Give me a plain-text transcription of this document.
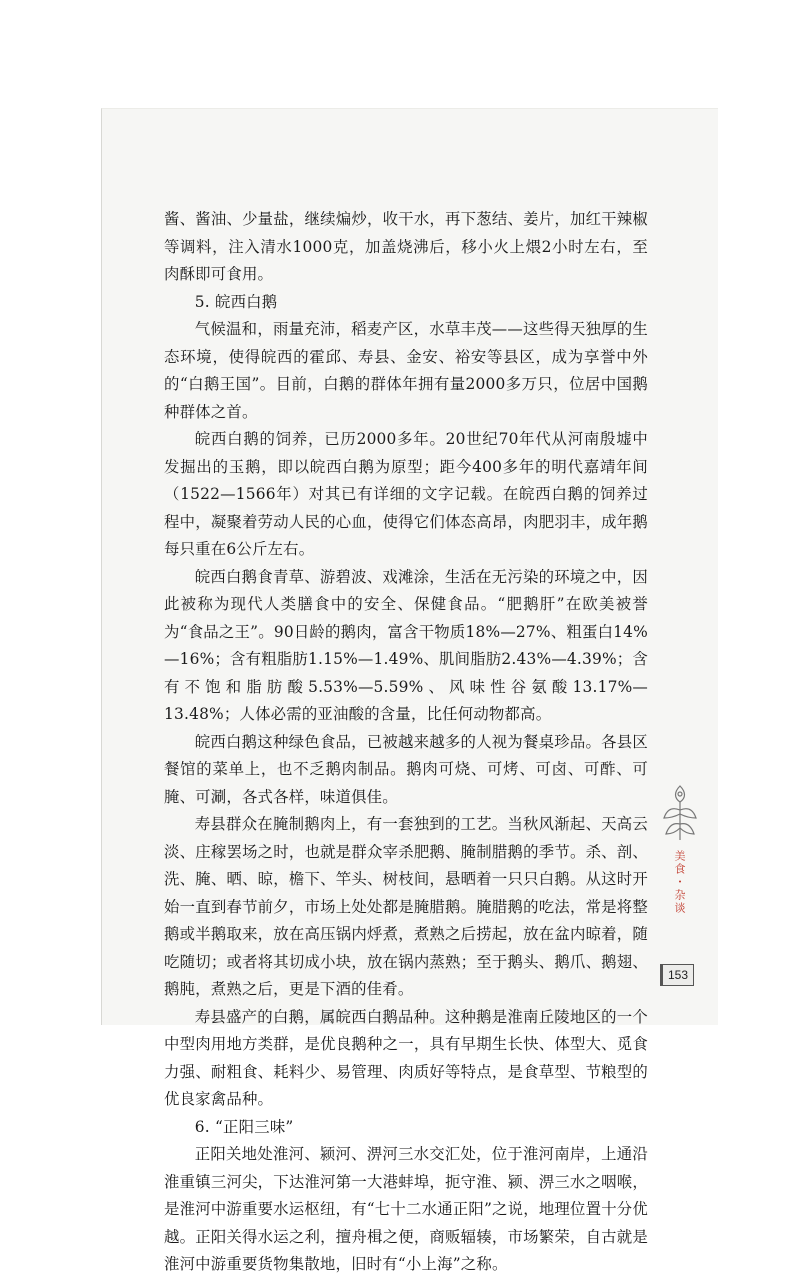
酱、酱油、少量盐，继续煸炒，收干水，再下葱结、姜片，加红干辣椒等调料，注入清水1000克，加盖烧沸后，移小火上煨2小时左右，至肉酥即可食用。

5. 皖西白鹅

气候温和，雨量充沛，稻麦产区，水草丰茂——这些得天独厚的生态环境，使得皖西的霍邱、寿县、金安、裕安等县区，成为享誉中外的“白鹅王国”。目前，白鹅的群体年拥有量2000多万只，位居中国鹅种群体之首。

皖西白鹅的饲养，已历2000多年。20世纪70年代从河南殷墟中发掘出的玉鹅，即以皖西白鹅为原型；距今400多年的明代嘉靖年间（1522—1566年）对其已有详细的文字记载。在皖西白鹅的饲养过程中，凝聚着劳动人民的心血，使得它们体态高昂，肉肥羽丰，成年鹅每只重在6公斤左右。

皖西白鹅食青草、游碧波、戏滩涂，生活在无污染的环境之中，因此被称为现代人类膳食中的安全、保健食品。“肥鹅肝”在欧美被誉为“食品之王”。90日龄的鹅肉，富含干物质18%—27%、粗蛋白14%—16%；含有粗脂肪1.15%—1.49%、肌间脂肪2.43%—4.39%；含有不饱和脂肪酸5.53%—5.59%、风味性谷氨酸13.17%—13.48%；人体必需的亚油酸的含量，比任何动物都高。

皖西白鹅这种绿色食品，已被越来越多的人视为餐桌珍品。各县区餐馆的菜单上，也不乏鹅肉制品。鹅肉可烧、可烤、可卤、可酢、可腌、可涮，各式各样，味道俱佳。

寿县群众在腌制鹅肉上，有一套独到的工艺。当秋风渐起、天高云淡、庄稼罢场之时，也就是群众宰杀肥鹅、腌制腊鹅的季节。杀、剖、洗、腌、晒、晾，檐下、竿头、树枝间，悬晒着一只只白鹅。从这时开始一直到春节前夕，市场上处处都是腌腊鹅。腌腊鹅的吃法，常是将整鹅或半鹅取来，放在高压锅内烀煮，煮熟之后捞起，放在盆内晾着，随吃随切；或者将其切成小块，放在锅内蒸熟；至于鹅头、鹅爪、鹅翅、鹅肫，煮熟之后，更是下酒的佳肴。

寿县盛产的白鹅，属皖西白鹅品种。这种鹅是淮南丘陵地区的一个中型肉用地方类群，是优良鹅种之一，具有早期生长快、体型大、觅食力强、耐粗食、耗料少、易管理、肉质好等特点，是食草型、节粮型的优良家禽品种。

6. “正阳三味”

正阳关地处淮河、颍河、淠河三水交汇处，位于淮河南岸，上通沿淮重镇三河尖，下达淮河第一大港蚌埠，扼守淮、颍、淠三水之咽喉，是淮河中游重要水运枢纽，有“七十二水通正阳”之说，地理位置十分优越。正阳关得水运之利，擅舟楫之便，商贩辐辏，市场繁荣，自古就是淮河中游重要货物集散地，旧时有“小上海”之称。

美食・杂谈
153
